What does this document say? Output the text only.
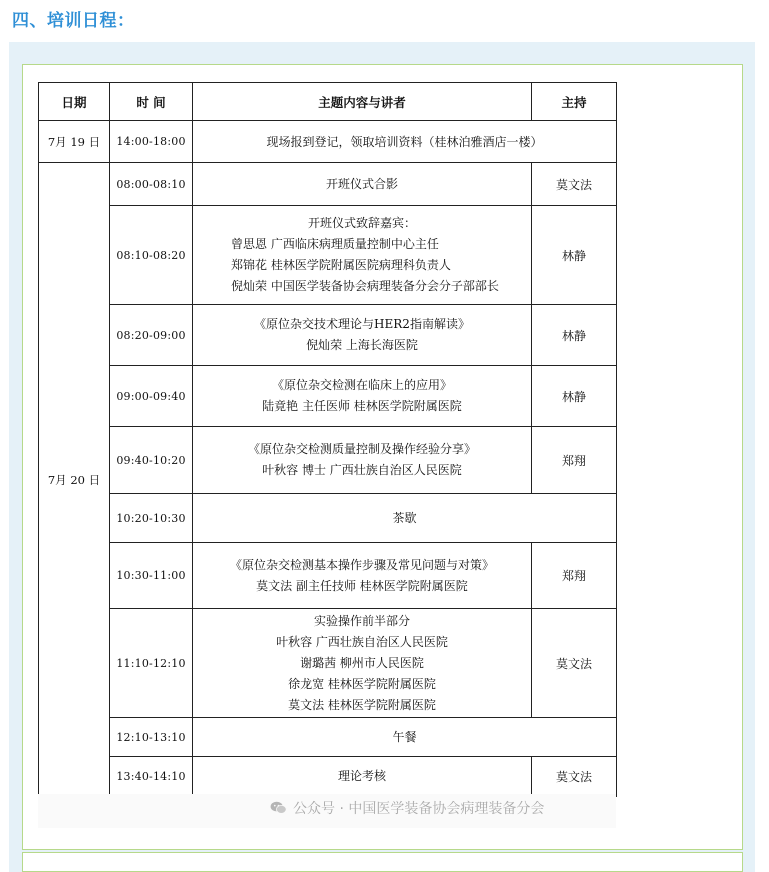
四、培训日程：
日期	时 间	主题内容与讲者	主持
7月 19 日	14:00-18:00	现场报到登记，领取培训资料（桂林泊雅酒店一楼）	
7月 20 日	08:00-08:10	开班仪式合影	莫文法
	08:10-08:20	开班仪式致辞嘉宾：
曾思恩 广西临床病理质量控制中心主任
郑锦花 桂林医学院附属医院病理科负责人
倪灿荣 中国医学装备协会病理装备分会分子部部长	林静
	08:20-09:00	《原位杂交技术理论与HER2指南解读》
倪灿荣 上海长海医院	林静
	09:00-09:40	《原位杂交检测在临床上的应用》
陆竟艳 主任医师 桂林医学院附属医院	林静
	09:40-10:20	《原位杂交检测质量控制及操作经验分享》
叶秋容 博士 广西壮族自治区人民医院	郑翔
	10:20-10:30	茶歇	

	10:30-11:00	《原位杂交检测基本操作步骤及常见问题与对策》
莫文法 副主任技师 桂林医学院附属医院	郑翔
	11:10-12:10	实验操作前半部分
叶秋容 广西壮族自治区人民医院
谢璐茜 柳州市人民医院
徐龙宽 桂林医学院附属医院
莫文法 桂林医学院附属医院	莫文法
	12:10-13:10	午餐	

	13:40-14:10	理论考核	莫文法
公众号 · 中国医学装备协会病理装备分会
